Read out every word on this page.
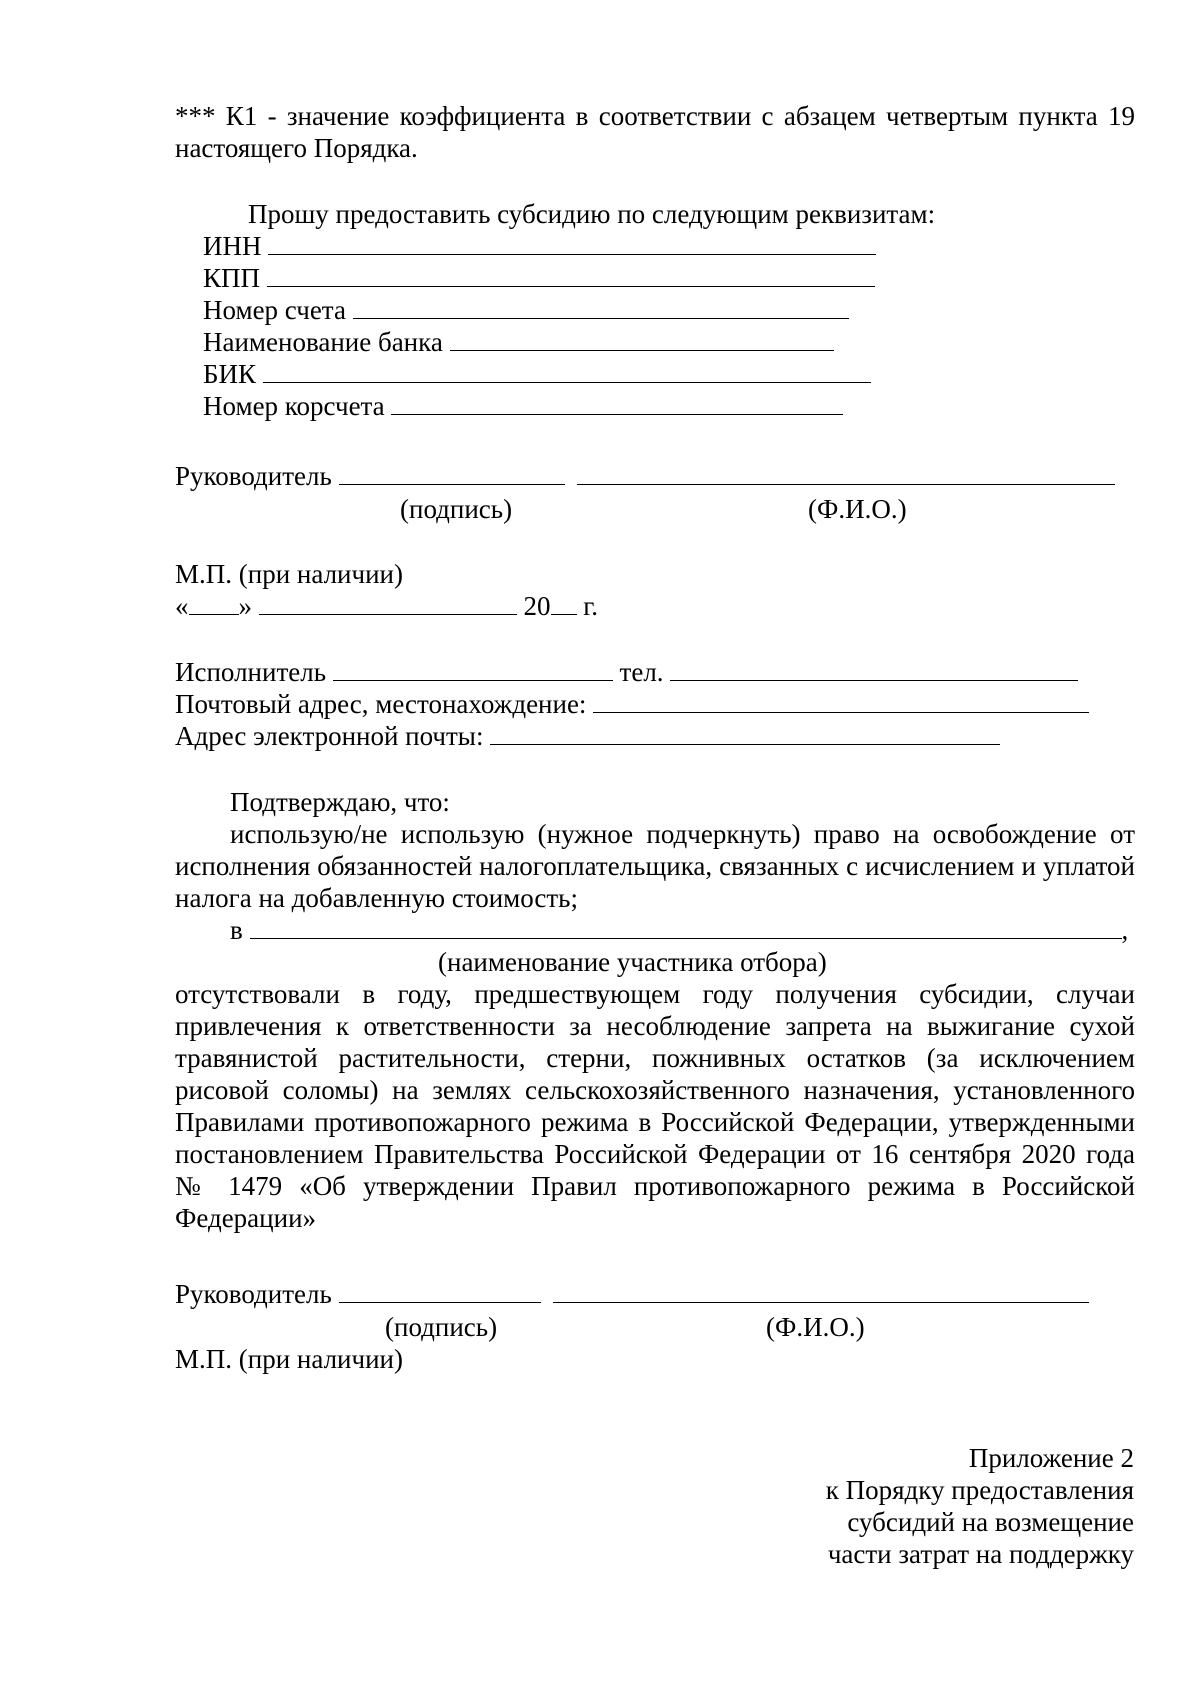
*** К1 - значение коэффициента в соответствии с абзацем четвертым пункта 19 настоящего Порядка.
Прошу предоставить субсидию по следующим реквизитам:
ИНН
КПП
Номер счета
Наименование банка
БИК
Номер корсчета
Руководитель
(подпись)	(Ф.И.О.)
М.П. (при наличии)
« »	20 г.
Исполнитель	тел.
Почтовый адрес, местонахождение:
Адрес электронной почты:
Подтверждаю, что:
использую/не использую (нужное подчеркнуть) право на освобождение от исполнения обязанностей налогоплательщика, связанных с исчислением и уплатой налога на добавленную стоимость;
в	,
(наименование участника отбора)
отсутствовали в году, предшествующем году получения субсидии, случаи привлечения к ответственности за несоблюдение запрета на выжигание сухой травянистой растительности, стерни, пожнивных остатков (за исключением рисовой соломы) на землях сельскохозяйственного назначения, установленного Правилами противопожарного режима в Российской Федерации, утвержденными постановлением Правительства Российской Федерации от 16 сентября 2020 года № 1479 «Об утверждении Правил противопожарного режима в Российской Федерации»
Руководитель
(подпись)	(Ф.И.О.)
М.П. (при наличии)
Приложение 2
к Порядку предоставления
субсидий на возмещение
части затрат на поддержку
